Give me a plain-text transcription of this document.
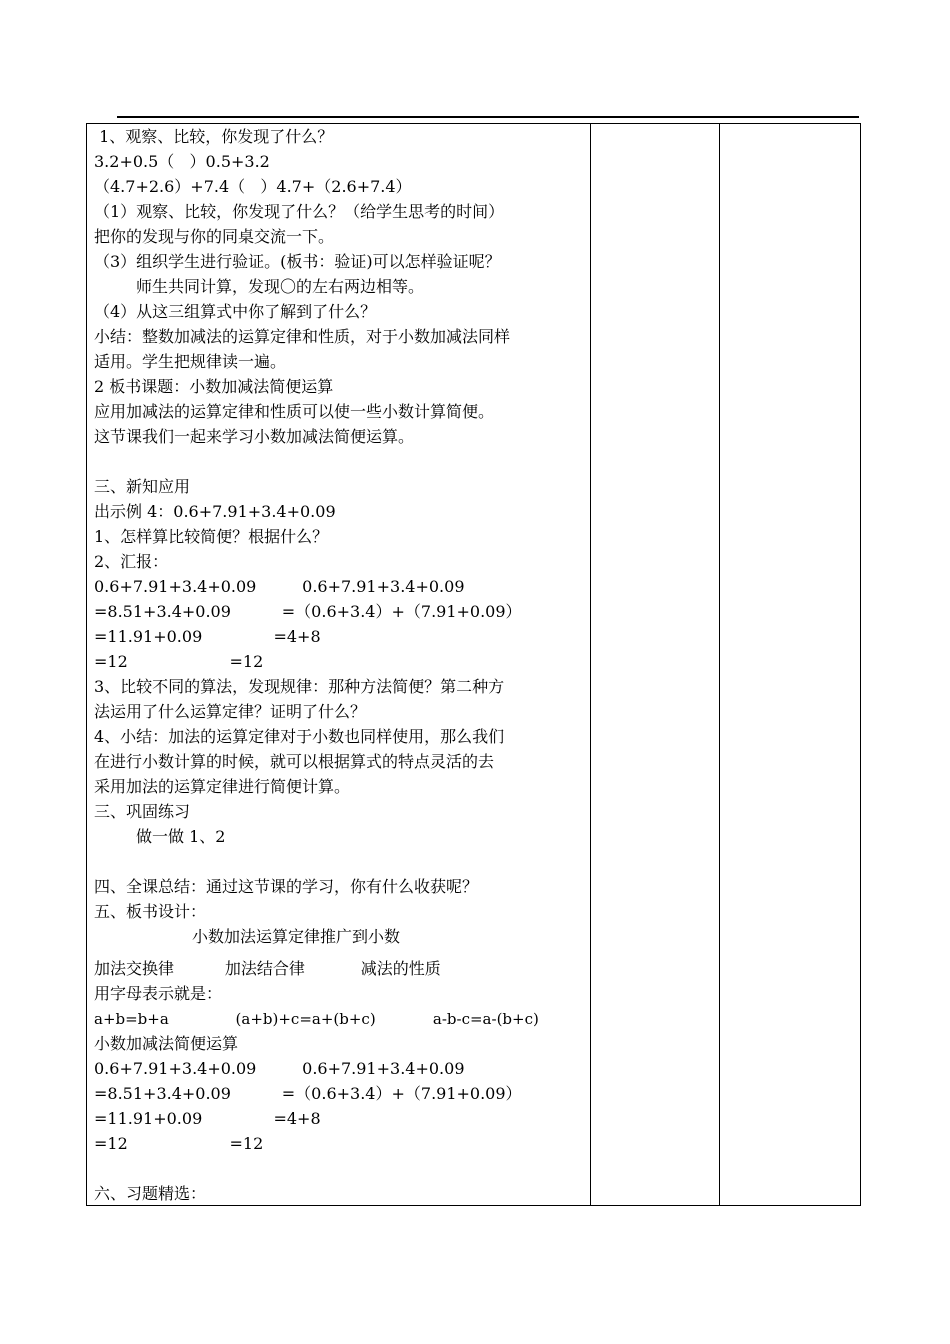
1、观察、比较，你发现了什么？
3.2+0.5（   ）0.5+3.2
（4.7+2.6）+7.4（   ）4.7+（2.6+7.4）
（1）观察、比较，你发现了什么？（给学生思考的时间）
把你的发现与你的同桌交流一下。
（3）组织学生进行验证。(板书：验证)可以怎样验证呢？
师生共同计算，发现〇的左右两边相等。
（4）从这三组算式中你了解到了什么？
小结：整数加减法的运算定律和性质，对于小数加减法同样
适用。学生把规律读一遍。
2 板书课题：小数加减法简便运算
应用加减法的运算定律和性质可以使一些小数计算简便。
这节课我们一起来学习小数加减法简便运算。
三、新知应用
出示例 4：0.6+7.91+3.4+0.09
1、怎样算比较简便？根据什么？
2、汇报：
0.6+7.91+3.4+0.09         0.6+7.91+3.4+0.09
=8.51+3.4+0.09          =（0.6+3.4）+（7.91+0.09）
=11.91+0.09              =4+8
=12                    =12
3、比较不同的算法，发现规律：那种方法简便？第二种方
法运用了什么运算定律？证明了什么？
4、小结：加法的运算定律对于小数也同样使用，那么我们
在进行小数计算的时候，就可以根据算式的特点灵活的去
采用加法的运算定律进行简便计算。
三、巩固练习
做一做 1、2
四、全课总结：通过这节课的学习，你有什么收获呢？
五、板书设计：
小数加法运算定律推广到小数
加法交换律          加法结合律           减法的性质
用字母表示就是：
a+b=b+a              (a+b)+c=a+(b+c)            a-b-c=a-(b+c)
小数加减法简便运算
0.6+7.91+3.4+0.09         0.6+7.91+3.4+0.09
=8.51+3.4+0.09          =（0.6+3.4）+（7.91+0.09）
=11.91+0.09              =4+8
=12                    =12
六、习题精选：
